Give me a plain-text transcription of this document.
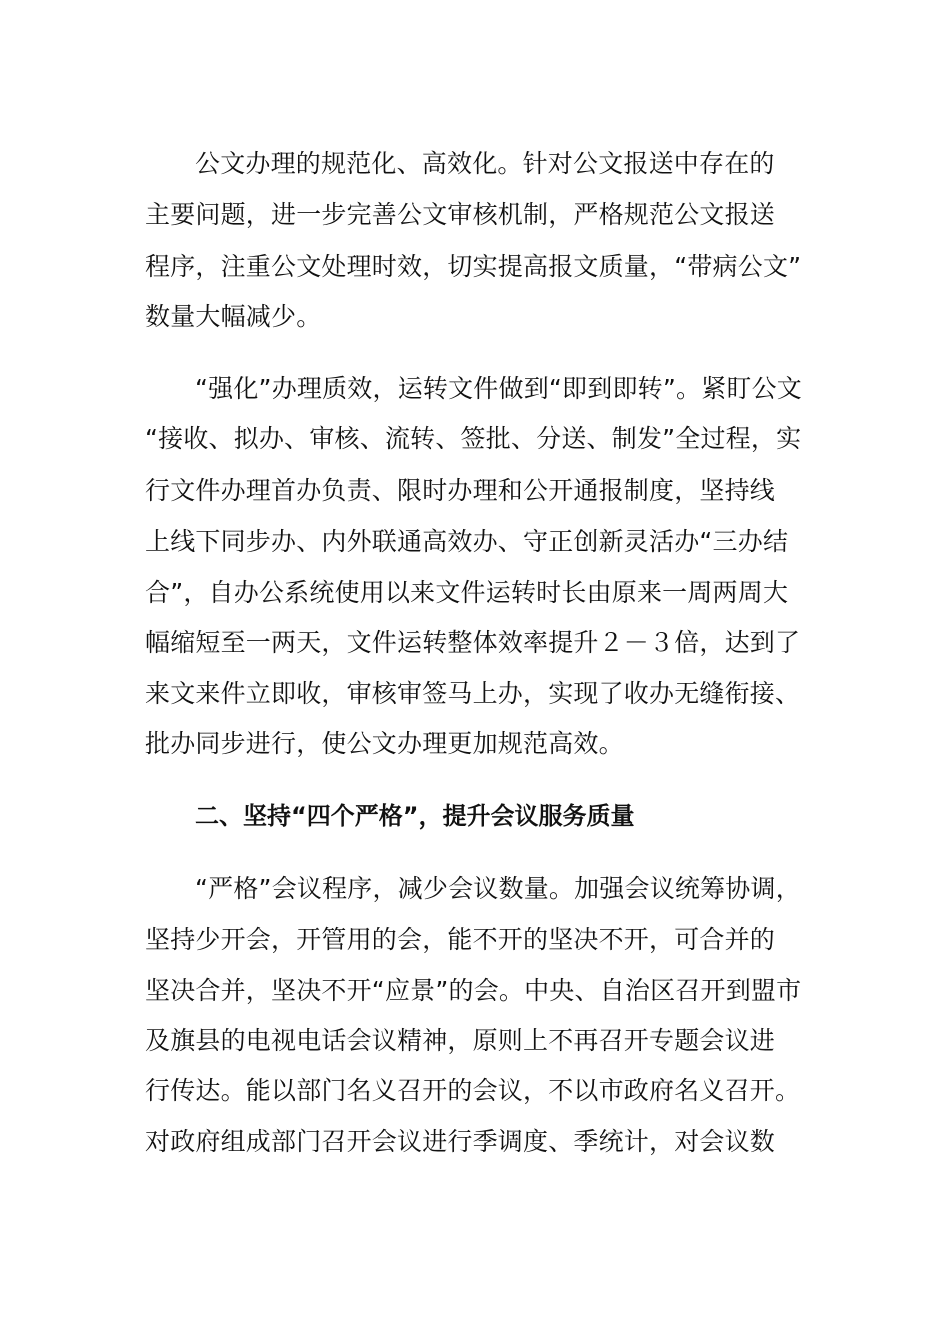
公文办理的规范化、高效化。针对公文报送中存在的
主要问题，进一步完善公文审核机制，严格规范公文报送
程序，注重公文处理时效，切实提高报文质量，“带病公文”
数量大幅减少。
“强化”办理质效，运转文件做到“即到即转”。紧盯公文
“接收、拟办、审核、流转、签批、分送、制发”全过程，实
行文件办理首办负责、限时办理和公开通报制度，坚持线
上线下同步办、内外联通高效办、守正创新灵活办“三办结
合”，自办公系统使用以来文件运转时长由原来一周两周大
幅缩短至一两天，文件运转整体效率提升２－３倍，达到了
来文来件立即收，审核审签马上办，实现了收办无缝衔接、
批办同步进行，使公文办理更加规范高效。
二、坚持“四个严格”，提升会议服务质量
“严格”会议程序，减少会议数量。加强会议统筹协调，
坚持少开会，开管用的会，能不开的坚决不开，可合并的
坚决合并，坚决不开“应景”的会。中央、自治区召开到盟市
及旗县的电视电话会议精神，原则上不再召开专题会议进
行传达。能以部门名义召开的会议，不以市政府名义召开。
对政府组成部门召开会议进行季调度、季统计，对会议数
